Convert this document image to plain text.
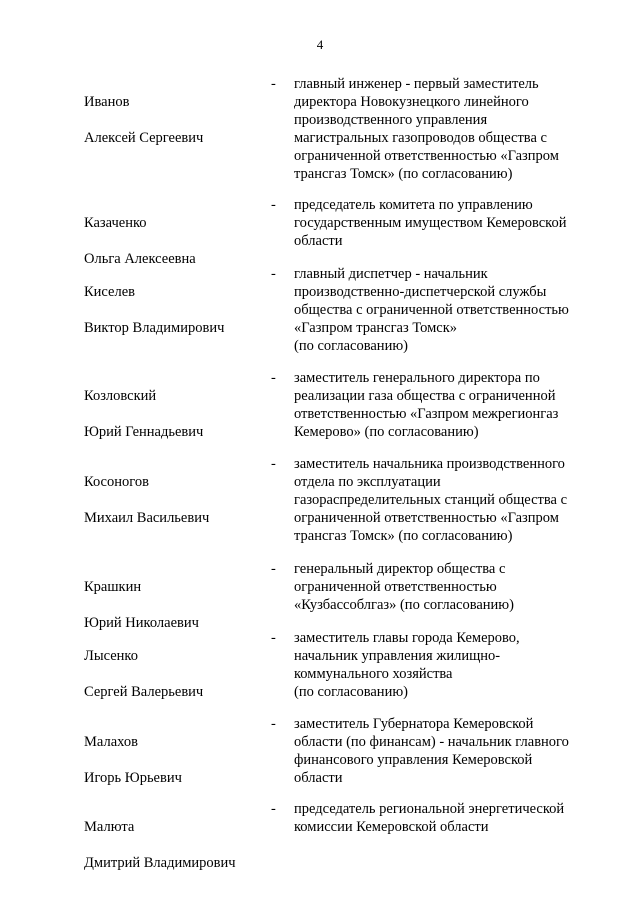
4

Иванов

Алексей Сергеевич

-	главный инженер - первый заместитель
директора Новокузнецкого линейного
производственного управления
магистральных газопроводов общества с
ограниченной ответственностью «Газпром
трансгаз Томск» (по согласованию)

Казаченко

Ольга Алексеевна

-	председатель комитета по управлению
государственным имуществом Кемеровской
области

Киселев

Виктор Владимирович

-	главный диспетчер - начальник
производственно-диспетчерской службы
общества с ограниченной ответственностью
«Газпром трансгаз Томск»
(по согласованию)

Козловский

Юрий Геннадьевич

-	заместитель генерального директора по
реализации газа общества с ограниченной
ответственностью «Газпром межрегионгаз
Кемерово» (по согласованию)

Косоногов

Михаил Васильевич

-	заместитель начальника производственного
отдела по эксплуатации
газораспределительных станций общества с
ограниченной ответственностью «Газпром
трансгаз Томск» (по согласованию)

Крашкин

Юрий Николаевич

-	генеральный директор общества с
ограниченной ответственностью
«Кузбассоблгаз» (по согласованию)

Лысенко

Сергей Валерьевич

-	заместитель главы города Кемерово,
начальник управления жилищно-
коммунального хозяйства
(по согласованию)

Малахов

Игорь Юрьевич

-	заместитель Губернатора Кемеровской
области (по финансам) - начальник главного
финансового управления Кемеровской
области

Малюта

Дмитрий Владимирович

-	председатель региональной энергетической
комиссии Кемеровской области
